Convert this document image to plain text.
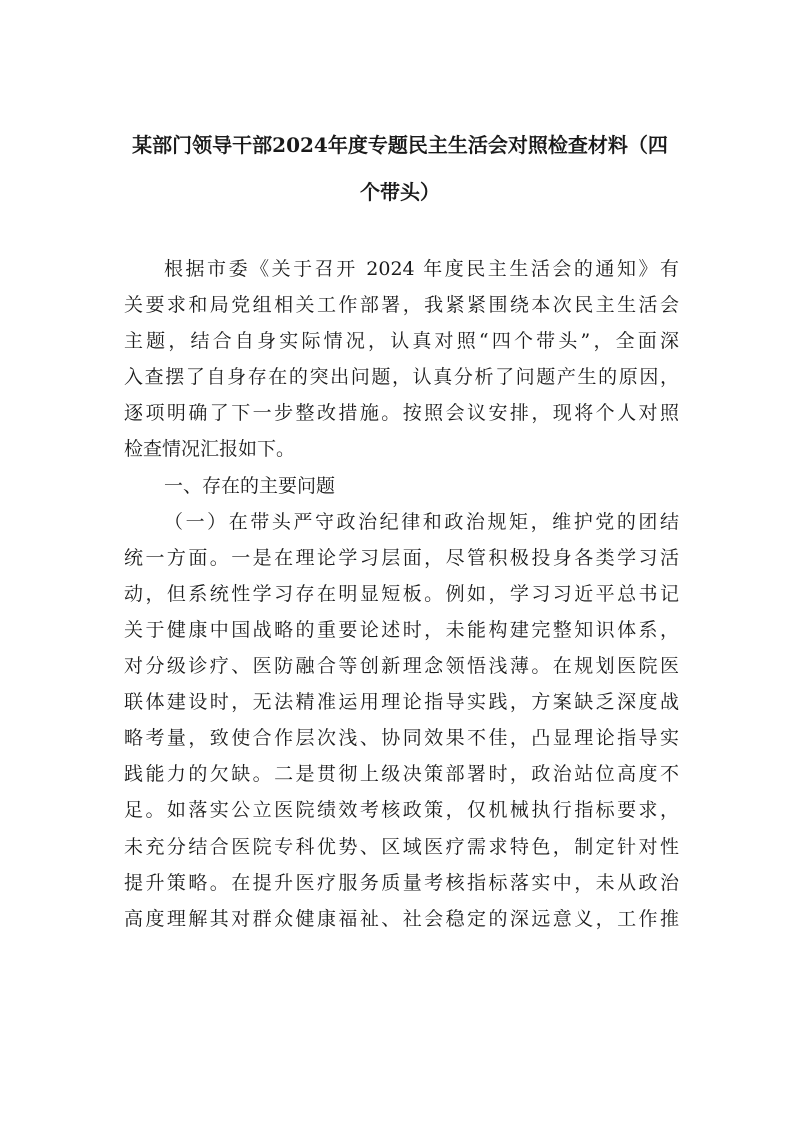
某部门领导干部2024年度专题民主生活会对照检查材料（四
个带头）
根据市委《关于召开 2024 年度民主生活会的通知》有
关要求和局党组相关工作部署，我紧紧围绕本次民主生活会
主题，结合自身实际情况，认真对照“四个带头”，全面深
入查摆了自身存在的突出问题，认真分析了问题产生的原因，
逐项明确了下一步整改措施。按照会议安排，现将个人对照
检查情况汇报如下。
一、存在的主要问题
（一）在带头严守政治纪律和政治规矩，维护党的团结
统一方面。一是在理论学习层面，尽管积极投身各类学习活
动，但系统性学习存在明显短板。例如，学习习近平总书记
关于健康中国战略的重要论述时，未能构建完整知识体系，
对分级诊疗、医防融合等创新理念领悟浅薄。在规划医院医
联体建设时，无法精准运用理论指导实践，方案缺乏深度战
略考量，致使合作层次浅、协同效果不佳，凸显理论指导实
践能力的欠缺。二是贯彻上级决策部署时，政治站位高度不
足。如落实公立医院绩效考核政策，仅机械执行指标要求，
未充分结合医院专科优势、区域医疗需求特色，制定针对性
提升策略。在提升医疗服务质量考核指标落实中，未从政治
高度理解其对群众健康福祉、社会稳定的深远意义，工作推
